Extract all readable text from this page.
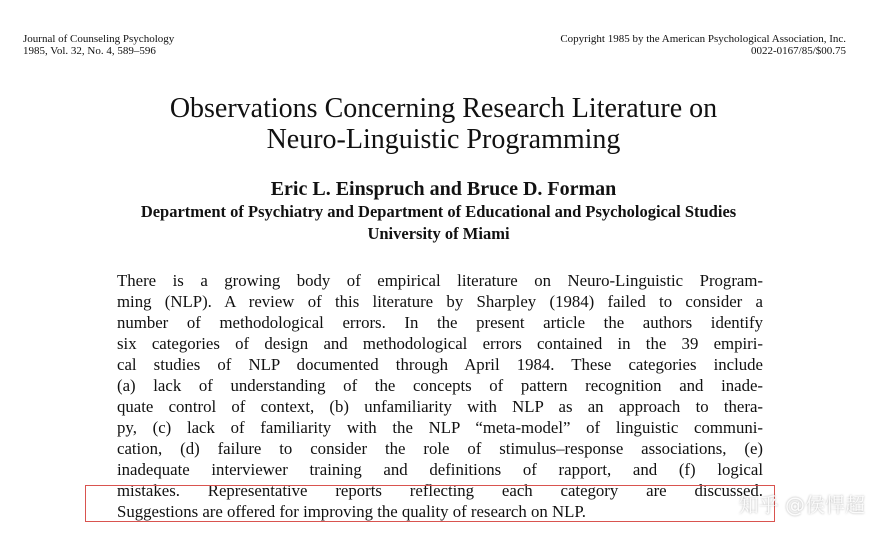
Journal of Counseling Psychology
1985, Vol. 32, No. 4, 589–596
Copyright 1985 by the American Psychological Association, Inc.
0022-0167/85/$00.75
Observations Concerning Research Literature on
Neuro-Linguistic Programming
Eric L. Einspruch and Bruce D. Forman
Department of Psychiatry and Department of Educational and Psychological Studies
University of Miami
There is a growing body of empirical literature on Neuro-Linguistic Program-
ming (NLP). A review of this literature by Sharpley (1984) failed to consider a
number of methodological errors. In the present article the authors identify
six categories of design and methodological errors contained in the 39 empiri-
cal studies of NLP documented through April 1984. These categories include
(a) lack of understanding of the concepts of pattern recognition and inade-
quate control of context, (b) unfamiliarity with NLP as an approach to thera-
py, (c) lack of familiarity with the NLP “meta-model” of linguistic communi-
cation, (d) failure to consider the role of stimulus–response associations, (e)
inadequate interviewer training and definitions of rapport, and (f) logical
mistakes. Representative reports reflecting each category are discussed.
Suggestions are offered for improving the quality of research on NLP.	知乎 @侯悍超
